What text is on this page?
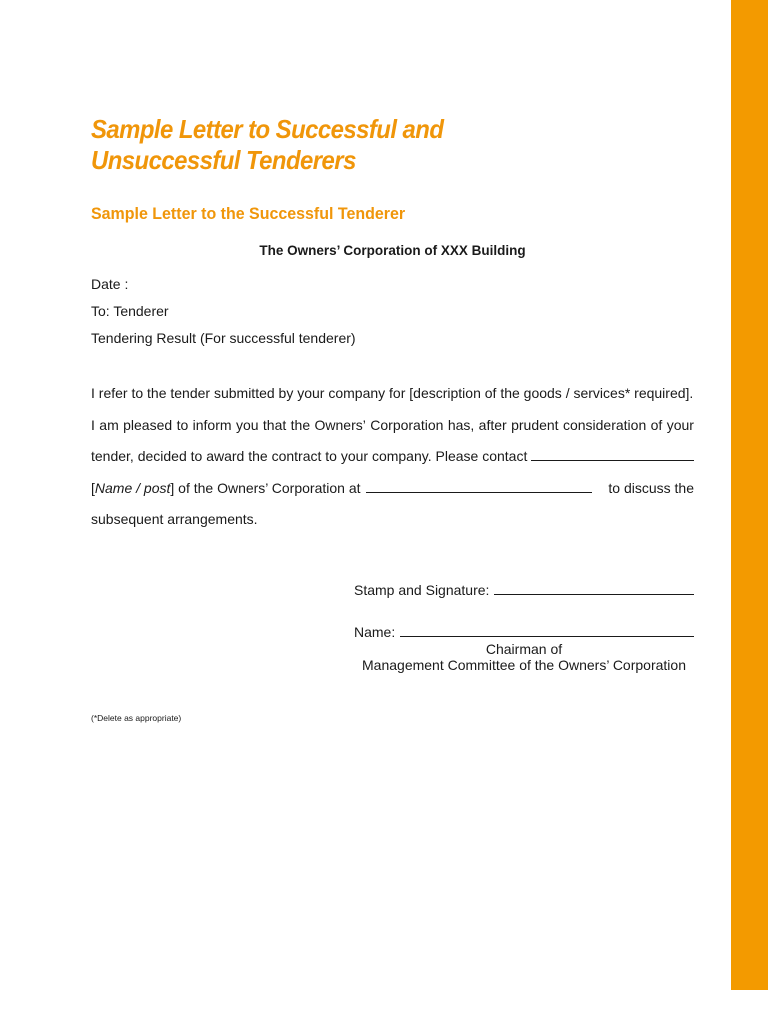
Sample Letter to Successful and
Unsuccessful Tenderers
Sample Letter to the Successful Tenderer
The Owners’ Corporation of XXX Building
Date :
To: Tenderer
Tendering Result (For successful tenderer)
I refer to the tender submitted by your company for [description of the goods / services* required].
I am pleased to inform you that the Owners’ Corporation has, after prudent consideration of your
tender, decided to award the contract to your company. Please contact
[ Name / post ] of the Owners’ Corporation at	to discuss the
subsequent arrangements.
Stamp and Signature:
Name:
Chairman of
Management Committee of the Owners’ Corporation
(*Delete as appropriate)
